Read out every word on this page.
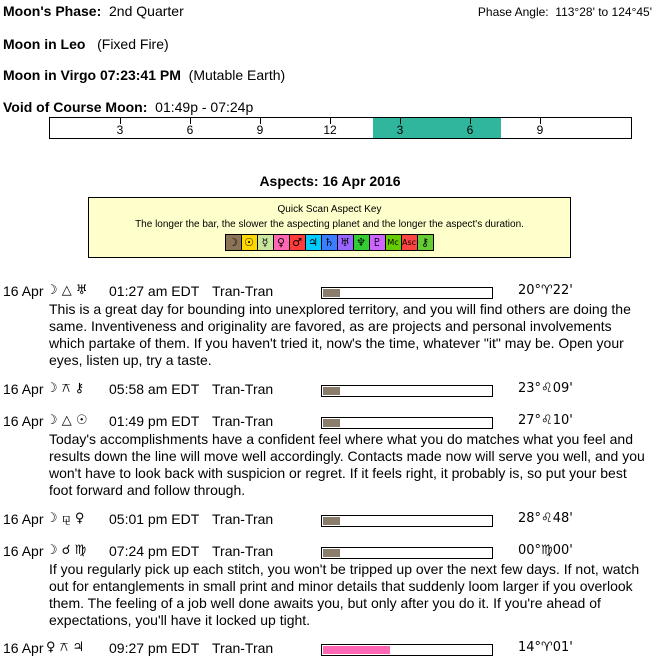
Moon's Phase: 2nd Quarter	Phase Angle: 113°28' to 124°45'
Moon in Leo (Fixed Fire)
Moon in Virgo 07:23:41 PM (Mutable Earth)
Void of Course Moon: 01:49p - 07:24p
3	6	9	12	3	6	9
Aspects: 16 Apr 2016
Quick Scan Aspect Key
The longer the bar, the slower the aspecting planet and the longer the aspect's duration.
☽ ☉ ☿ ♀ ♂ ♃ ♄ ♅ ♆ ♇ Mc Asc ⚷
16 Apr ☽ △ ♅ 01:27 am EDT Tran-Tran	20°♈22'
This is a great day for bounding into unexplored territory, and you will find others are doing the same. Inventiveness and originality are favored, as are projects and personal involvements which partake of them. If you haven't tried it, now's the time, whatever "it" may be. Open your eyes, listen up, try a taste.
16 Apr ☽ ⚻ ⚷ 05:58 am EDT Tran-Tran	23°♌09'
16 Apr ☽ △ ☉ 01:49 pm EDT Tran-Tran	27°♌10'
Today's accomplishments have a confident feel where what you do matches what you feel and results down the line will move well accordingly. Contacts made now will serve you well, and you won't have to look back with suspicion or regret. If it feels right, it probably is, so put your best foot forward and follow through.
16 Apr ☽ ⚼ ♀ 05:01 pm EDT Tran-Tran	28°♌48'
16 Apr ☽ ☌ ♍ 07:24 pm EDT Tran-Tran	00°♍00'
If you regularly pick up each stitch, you won't be tripped up over the next few days. If not, watch out for entanglements in small print and minor details that suddenly loom larger if you overlook them. The feeling of a job well done awaits you, but only after you do it. If you're ahead of expectations, you'll have it locked up tight.
16 Apr ♀ ⚻ ♃ 09:27 pm EDT Tran-Tran	14°♈01'
